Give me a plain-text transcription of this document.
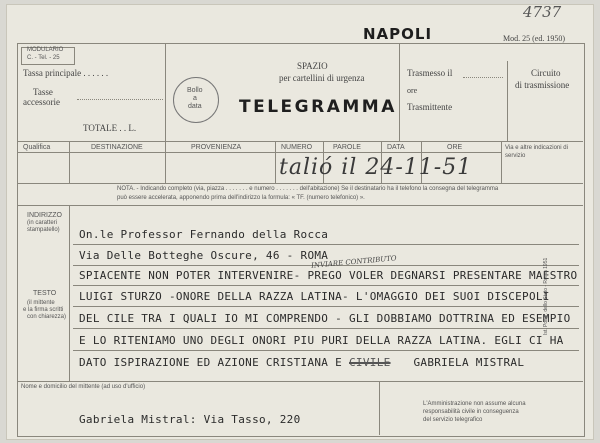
4737
NAPOLI	Mod. 25 (ed. 1950)
MODULARIO
C. - Tel. - 25
Tassa principale . . . . . .
Tasse
accessorie
TOTALE . . L.
Bollo
a
data
SPAZIO
per cartellini di urgenza
TELEGRAMMA
Trasmesso il
ore
Trasmittente
Circuito
di trasmissione
Qualifica	DESTINAZIONE	PROVENIENZA	NUMERO	PAROLE	DATA	ORE	Via e altre indicazioni di servizio
talió il 24-11-51
NOTA. - Indicando completo (via, piazza . . . . . . . e numero . . . . . . . dell'abitazione) Se il destinatario ha il telefono la consegna del telegramma
può essere accelerata, apponendo prima dell'indirizzo la formula: « TF. (numero telefonico) ».
INDIRIZZO
(in caratteri
stampatello)
TESTO
(il mittente
e la firma scritti
con chiarezza)
On.le Professor Fernando della Rocca
Via Delle Botteghe Oscure, 46 - ROMA
INVIARE CONTRIBUTO
SPIACENTE NON POTER INTERVENIRE- PREGO VOLER DEGNARSI PRESENTARE MAESTRO
LUIGI STURZO -ONORE DELLA RAZZA LATINA- L'OMAGGIO DEI SUOI DISCEPOLI
DEL CILE TRA I QUALI IO MI COMPRENDO - GLI DOBBIAMO DOTTRINA ED ESEMPIO
E LO RITENIAMO UNO DEGLI ONORI PIU PURI DELLA RAZZA LATINA. EGLI CI HA
DATO ISPIRAZIONE ED AZIONE CRISTIANA E CIVILE GABRIELA MISTRAL
Nome e domicilio del mittente (ad uso d'ufficio)
Gabriela Mistral: Via Tasso, 220
L'Amministrazione non assume alcuna
responsabilità civile in conseguenza
del servizio telegrafico
Ist. Poligr. dello Stato - Roma 1951
